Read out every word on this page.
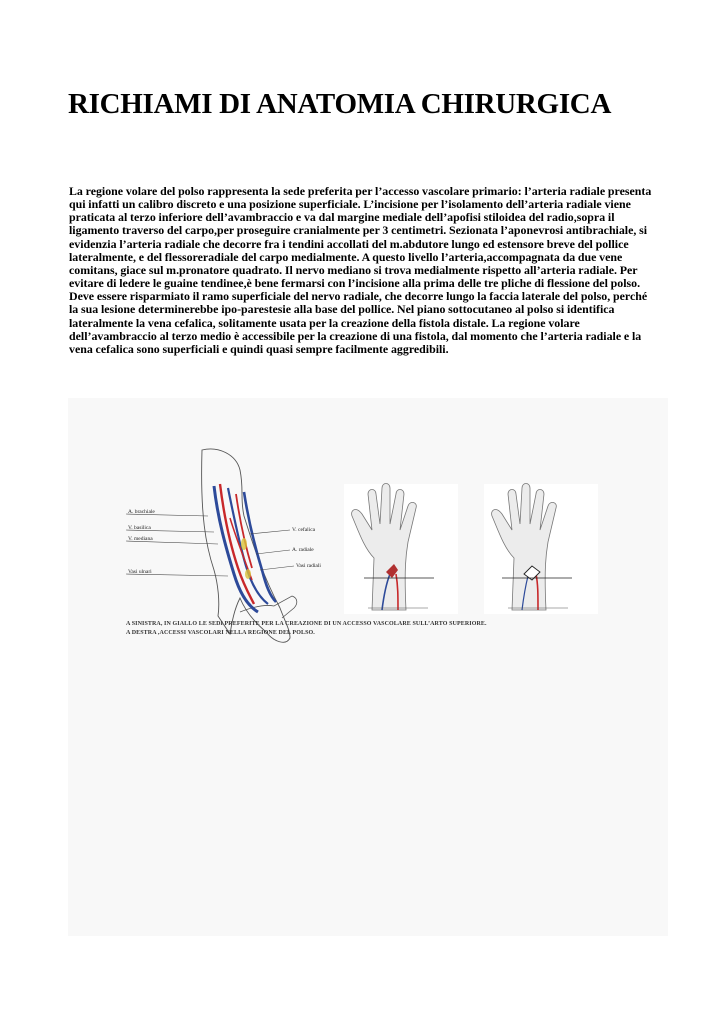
RICHIAMI DI ANATOMIA CHIRURGICA
La regione volare del polso rappresenta la sede preferita per l’accesso vascolare primario: l’arteria radiale presenta qui infatti un calibro discreto e una posizione superficiale. L’incisione per l’isolamento dell’arteria radiale viene praticata al terzo inferiore dell’avambraccio e va dal margine mediale dell’apofisi stiloidea del radio,sopra il ligamento traverso del carpo,per proseguire cranialmente per 3 centimetri. Sezionata l’aponevrosi antibrachiale, si evidenzia l’arteria radiale che decorre fra i tendini accollati del m.abdutore lungo ed estensore breve del pollice lateralmente, e del flessoreradiale del carpo medialmente. A questo livello l’arteria,accompagnata da due vene comitans, giace sul m.pronatore quadrato. Il nervo mediano si trova medialmente rispetto all’arteria radiale. Per evitare di ledere le guaine tendinee,è bene fermarsi con l’incisione alla prima delle tre pliche di flessione del polso. Deve essere risparmiato il ramo superficiale del nervo radiale, che decorre lungo la faccia laterale del polso, perché la sua lesione determinerebbe ipo-parestesie alla base del pollice. Nel piano sottocutaneo al polso si identifica lateralmente la vena cefalica, solitamente usata per la creazione della fistola distale. La regione volare dell’avambraccio al terzo medio è accessibile per la creazione di una fistola, dal momento che l’arteria radiale e la vena cefalica sono superficiali e quindi quasi sempre facilmente aggredibili.
A. brachiale
V. basilica
V. mediana
Vasi ulnari
V. cefalica
A. radiale
Vasi radiali
A SINISTRA, IN GIALLO LE SEDI PREFERITE PER LA CREAZIONE DI UN ACCESSO VASCOLARE SULL’ARTO SUPERIORE.
A DESTRA ,ACCESSI VASCOLARI NELLA REGIONE DEL POLSO.
